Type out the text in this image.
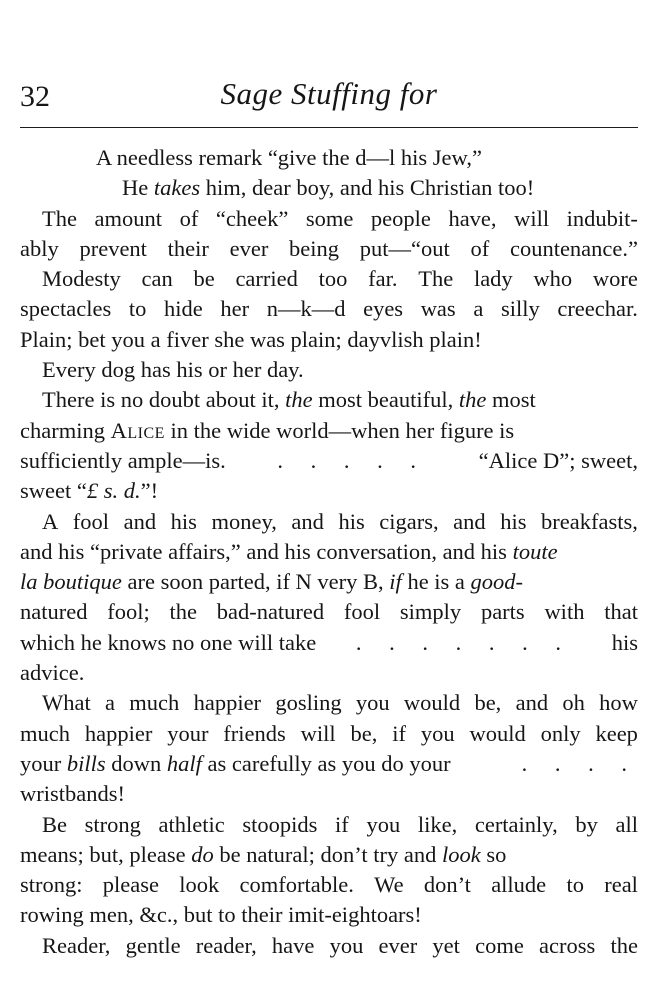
32	Sage Stuffing for
A needless remark “give the d—l his Jew,”
He takes him, dear boy, and his Christian too!
The amount of “cheek” some people have, will indubit-
ably prevent their ever being put—“out of countenance.”
Modesty can be carried too far. The lady who wore
spectacles to hide her n—k—d eyes was a silly creechar.
Plain; bet you a fiver she was plain; dayvlish plain!
Every dog has his or her day.
There is no doubt about it, the most beautiful, the most
charming Alice in the wide world—when her figure is
sufficiently ample—is. . . . . . “Alice D”; sweet,
sweet “£ s. d.”!
A fool and his money, and his cigars, and his breakfasts,
and his “private affairs,” and his conversation, and his toute
la boutique are soon parted, if N very B, if he is a good-
natured fool; the bad-natured fool simply parts with that
which he knows no one will take . . . . . . . his
advice.
What a much happier gosling you would be, and oh how
much happier your friends will be, if you would only keep
your bills down half as carefully as you do your	. . . .
wristbands!
Be strong athletic stoopids if you like, certainly, by all
means; but, please do be natural; don’t try and look so
strong: please look comfortable. We don’t allude to real
rowing men, &c., but to their imit-eightoars!
Reader, gentle reader, have you ever yet come across the
